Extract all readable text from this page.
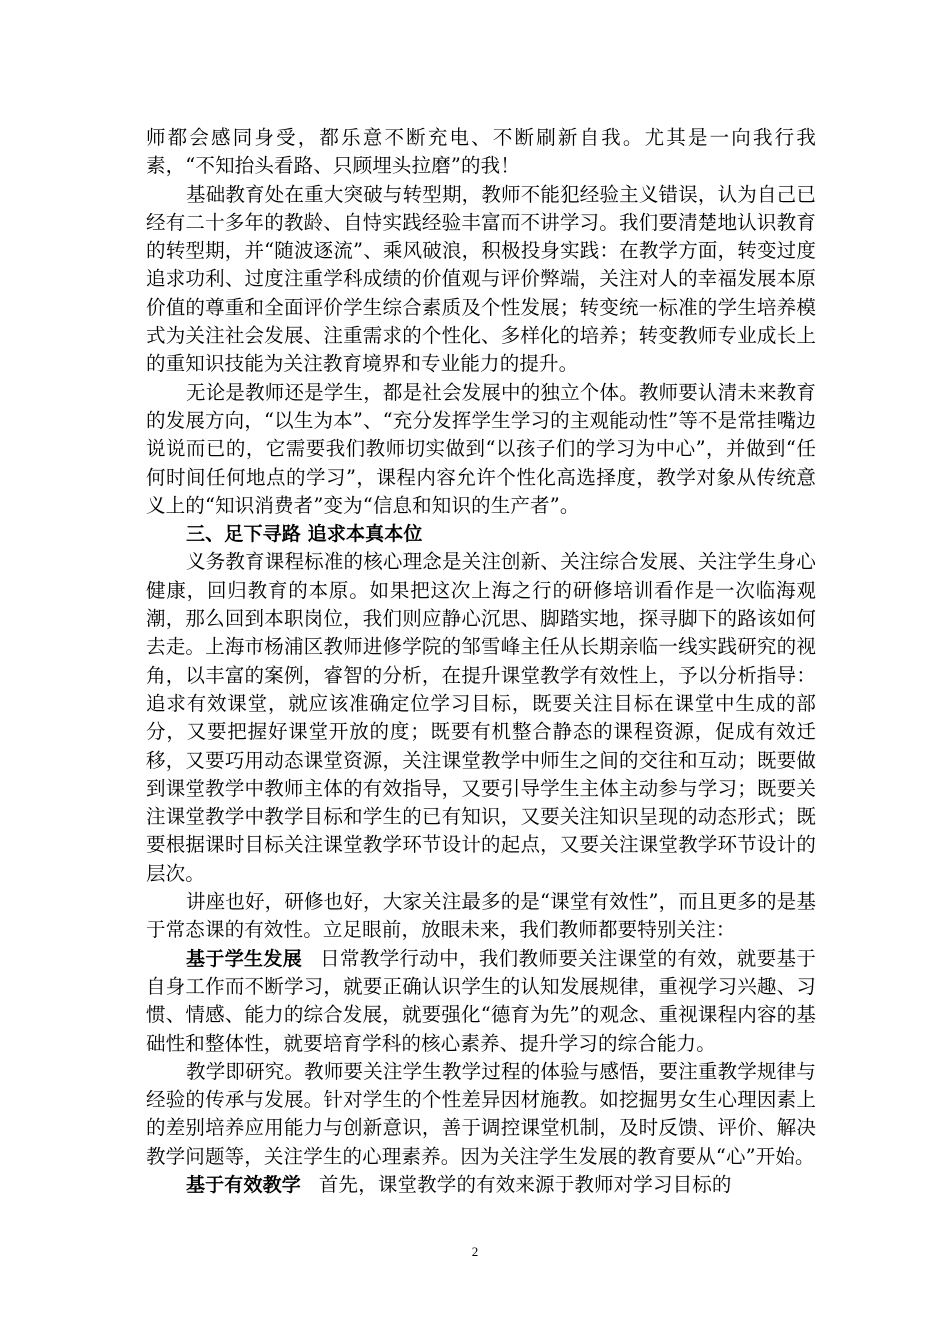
师都会感同身受，都乐意不断充电、不断刷新自我。尤其是一向我行我素，“不知抬头看路、只顾埋头拉磨”的我！

基础教育处在重大突破与转型期，教师不能犯经验主义错误，认为自己已经有二十多年的教龄、自恃实践经验丰富而不讲学习。我们要清楚地认识教育的转型期，并“随波逐流”、乘风破浪，积极投身实践：在教学方面，转变过度追求功利、过度注重学科成绩的价值观与评价弊端，关注对人的幸福发展本原价值的尊重和全面评价学生综合素质及个性发展；转变统一标准的学生培养模式为关注社会发展、注重需求的个性化、多样化的培养；转变教师专业成长上的重知识技能为关注教育境界和专业能力的提升。

无论是教师还是学生，都是社会发展中的独立个体。教师要认清未来教育的发展方向，“以生为本”、“充分发挥学生学习的主观能动性”等不是常挂嘴边说说而已的，它需要我们教师切实做到“以孩子们的学习为中心”，并做到“任何时间任何地点的学习”，课程内容允许个性化高选择度，教学对象从传统意义上的“知识消费者”变为“信息和知识的生产者”。

三、足下寻路 追求本真本位

义务教育课程标准的核心理念是关注创新、关注综合发展、关注学生身心健康，回归教育的本原。如果把这次上海之行的研修培训看作是一次临海观潮，那么回到本职岗位，我们则应静心沉思、脚踏实地，探寻脚下的路该如何去走。上海市杨浦区教师进修学院的邹雪峰主任从长期亲临一线实践研究的视角，以丰富的案例，睿智的分析，在提升课堂教学有效性上，予以分析指导：追求有效课堂，就应该准确定位学习目标，既要关注目标在课堂中生成的部分，又要把握好课堂开放的度；既要有机整合静态的课程资源，促成有效迁移，又要巧用动态课堂资源，关注课堂教学中师生之间的交往和互动；既要做到课堂教学中教师主体的有效指导，又要引导学生主体主动参与学习；既要关注课堂教学中教学目标和学生的已有知识，又要关注知识呈现的动态形式；既要根据课时目标关注课堂教学环节设计的起点，又要关注课堂教学环节设计的层次。

讲座也好，研修也好，大家关注最多的是“课堂有效性”，而且更多的是基于常态课的有效性。立足眼前，放眼未来，我们教师都要特别关注：

基于学生发展 日常教学行动中，我们教师要关注课堂的有效，就要基于自身工作而不断学习，就要正确认识学生的认知发展规律，重视学习兴趣、习惯、情感、能力的综合发展，就要强化“德育为先”的观念、重视课程内容的基础性和整体性，就要培育学科的核心素养、提升学习的综合能力。

教学即研究。教师要关注学生教学过程的体验与感悟，要注重教学规律与经验的传承与发展。针对学生的个性差异因材施教。如挖掘男女生心理因素上的差别培养应用能力与创新意识，善于调控课堂机制，及时反馈、评价、解决教学问题等，关注学生的心理素养。因为关注学生发展的教育要从“心”开始。

基于有效教学 首先，课堂教学的有效来源于教师对学习目标的

2
